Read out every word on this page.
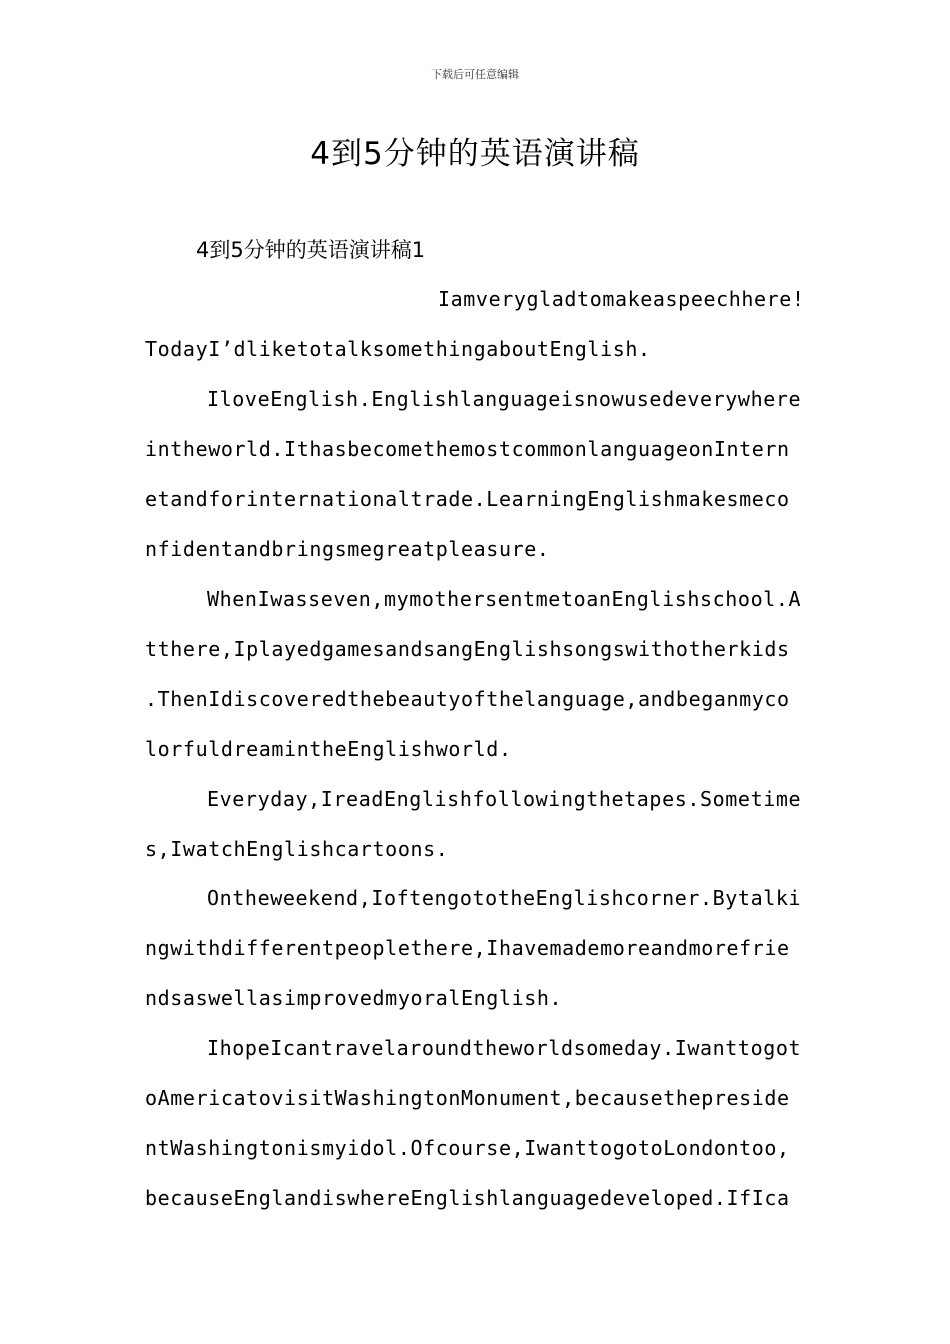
下载后可任意编辑
4到5分钟的英语演讲稿
4到5分钟的英语演讲稿1
Iamverygladtomakeaspeechhere!
TodayI’dliketotalksomethingaboutEnglish.
IloveEnglish.Englishlanguageisnowusedeverywhere
intheworld.IthasbecomethemostcommonlanguageonIntern
etandforinternationaltrade.LearningEnglishmakesmeco
nfidentandbringsmegreatpleasure.
WhenIwasseven,mymothersentmetoanEnglishschool.A
tthere,IplayedgamesandsangEnglishsongswithotherkids
.ThenIdiscoveredthebeautyofthelanguage,andbeganmyco
lorfuldreamintheEnglishworld.
Everyday,IreadEnglishfollowingthetapes.Sometime
s,IwatchEnglishcartoons.
Ontheweekend,IoftengototheEnglishcorner.Bytalki
ngwithdifferentpeoplethere,Ihavemademoreandmorefrie
ndsaswellasimprovedmyoralEnglish.
IhopeIcantravelaroundtheworldsomeday.Iwanttogot
oAmericatovisitWashingtonMonument,becausethepreside
ntWashingtonismyidol.Ofcourse,IwanttogotoLondontoo,
becauseEnglandiswhereEnglishlanguagedeveloped.IfIca
